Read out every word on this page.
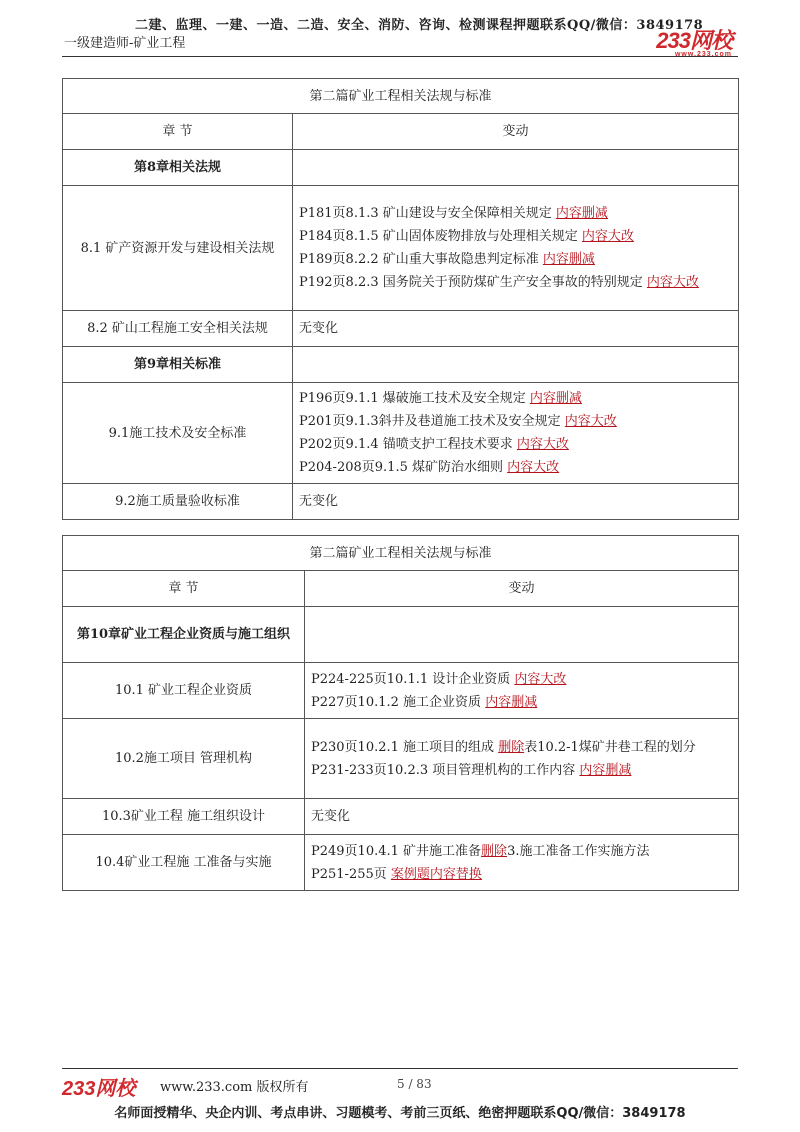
二建、监理、一建、一造、二造、安全、消防、咨询、检测课程押题联系QQ/微信：3849178
一级建造师-矿业工程	233网校
www.233.com
第二篇矿业工程相关法规与标准	
章 节	变动
第8章相关法规	
8.1 矿产资源开发与建设相关法规	P181页8.1.3 矿山建设与安全保障相关规定 内容删减
P184页8.1.5 矿山固体废物排放与处理相关规定 内容大改
P189页8.2.2 矿山重大事故隐患判定标准 内容删减
P192页8.2.3 国务院关于预防煤矿生产安全事故的特别规定 内容大改

8.2 矿山工程施工安全相关法规	无变化
第9章相关标准	
9.1施工技术及安全标准	P196页9.1.1 爆破施工技术及安全规定 内容删减
P201页9.1.3斜井及巷道施工技术及安全规定 内容大改
P202页9.1.4 锚喷支护工程技术要求 内容大改
P204-208页9.1.5 煤矿防治水细则 内容大改

9.2施工质量验收标准	无变化
第二篇矿业工程相关法规与标准	
章 节	变动
第10章矿业工程企业资质与施工组织	
10.1 矿业工程企业资质	P224-225页10.1.1 设计企业资质 内容大改
P227页10.1.2 施工企业资质 内容删减

10.2施工项目 管理机构	P230页10.2.1 施工项目的组成 删除表10.2-1煤矿井巷工程的划分
P231-233页10.2.3 项目管理机构的工作内容 内容删减

10.3矿业工程 施工组织设计	无变化
10.4矿业工程施 工准备与实施	P249页10.4.1 矿井施工准备删除3.施工准备工作实施方法
P251-255页 案例题内容替换
233网校 www.233.com 版权所有	5 / 83
名师面授精华、央企内训、考点串讲、习题模考、考前三页纸、绝密押题联系QQ/微信：3849178
